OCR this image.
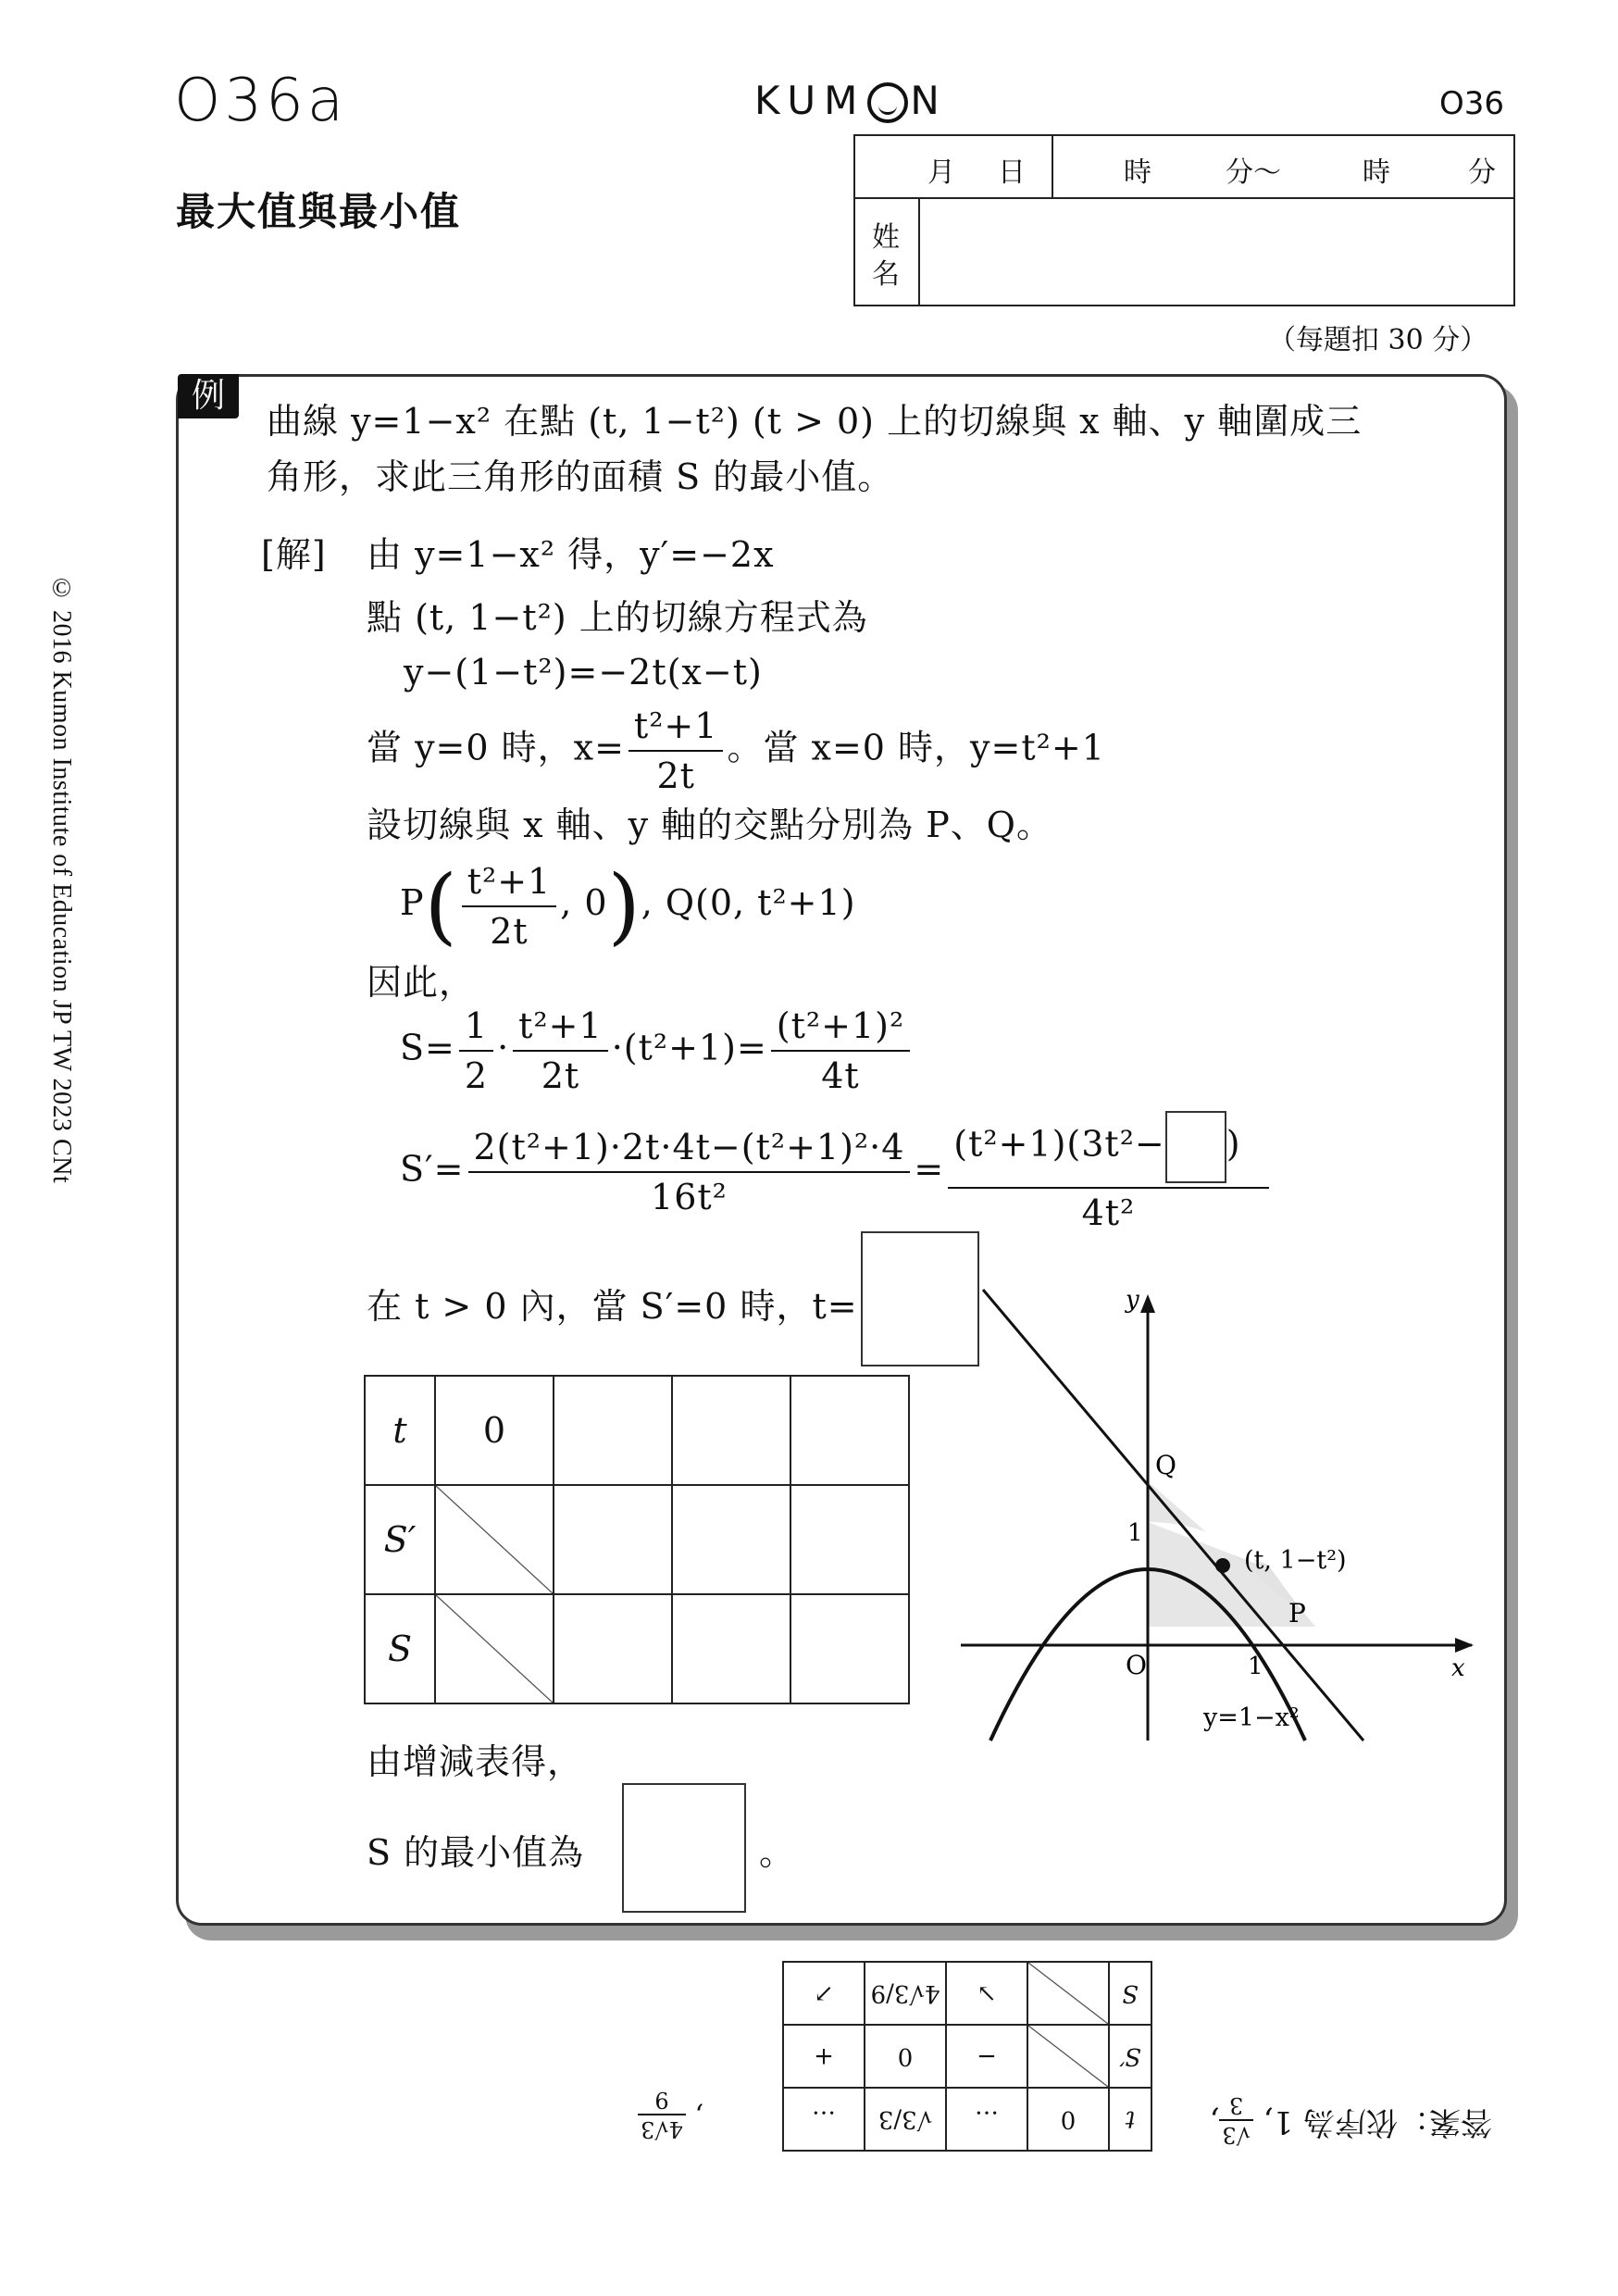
O36a	KUM N	O36
最大值與最小值
月 日	時	分〜	時	分
姓
名
（每題扣 30 分）
© 2016 Kumon Institute of Education JP TW 2023 CNt
例
曲線 y=1−x² 在點 (t, 1−t²) (t > 0) 上的切線與 x 軸、y 軸圍成三
角形，求此三角形的面積 S 的最小值。
[解] 由 y=1−x² 得，y′=−2x
點 (t, 1−t²) 上的切線方程式為
y−(1−t²)=−2t(x−t)
當 y=0 時，$x= \frac{\text{t²+1}}{2t}$ 。當 x=0 時，y=t²+1
設切線與 x 軸、y 軸的交點分別為 P、Q。
$P( \frac{\text{t²+1}}{2t}$ , 0), Q(0, t²+1)
因此，
$S= \frac{1}{2} \cdot \frac{\text{t²+1}}{2t} \cdot(t^2+1)= \frac{\text{(t²+1)²}}{4t}$
$S'= \frac{\text{2(t²+1)·2t·4t−(t²+1)²·4}}{\text{16t²}} = \frac{\text{(t²+1)(3t²− )}}{\text{4t²}}$
在 t > 0 內，當 S′=0 時，t=
t	0			
S′				
S				
由增減表得，
S 的最小值為	。
y
x
O
1
1
Q
P
(t, 1−t²)
y=1−x²
答案：依序為 1,
√3
3
,
t	0	…	√3/3	…
S′		−	0	+
S		↘	4√3/9	↗
,
4√3
9
